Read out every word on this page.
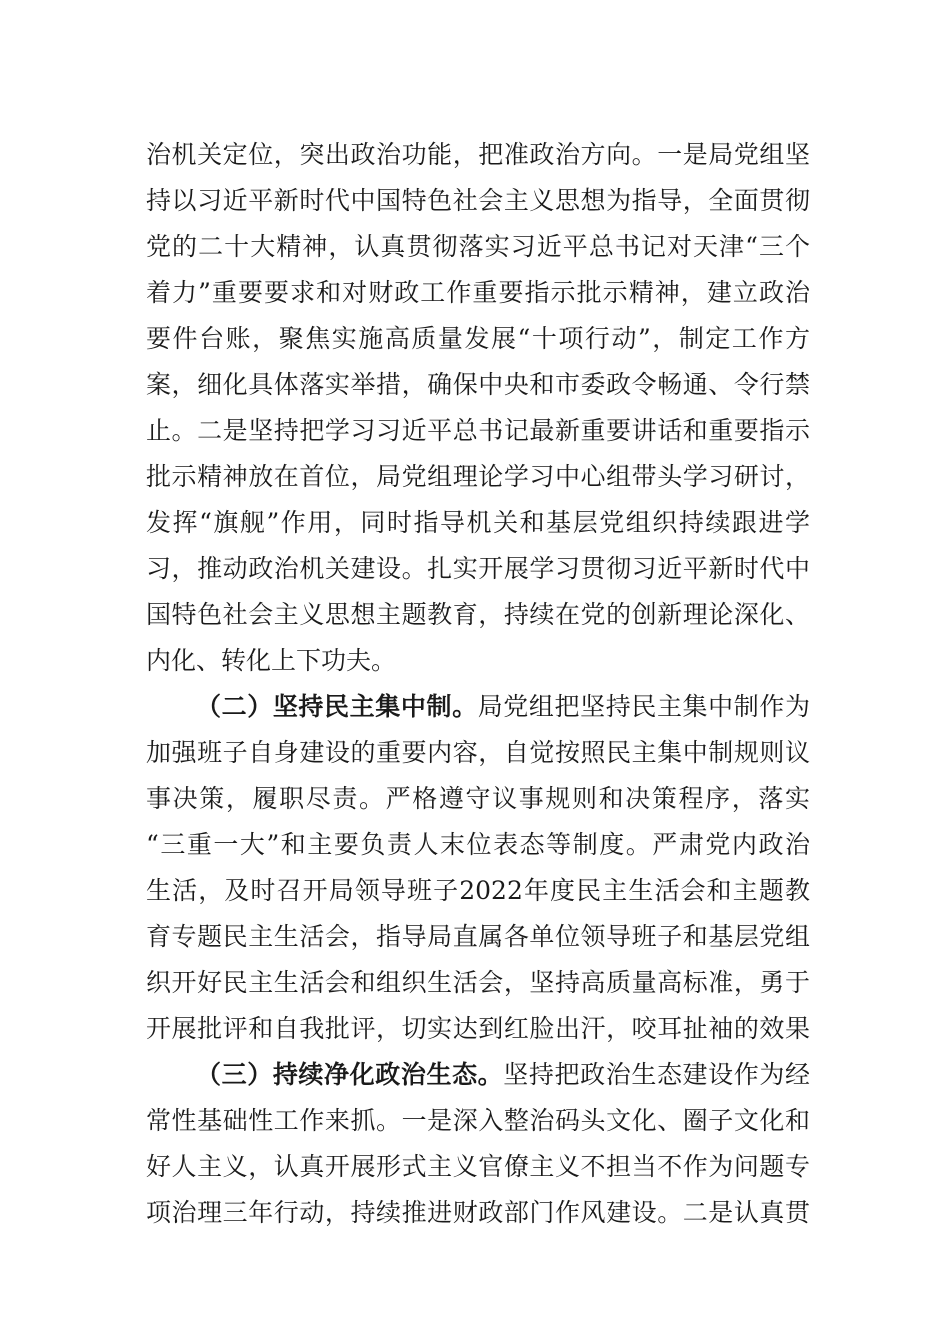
治机关定位，突出政治功能，把准政治方向。一是局党组坚
持以习近平新时代中国特色社会主义思想为指导，全面贯彻
党的二十大精神，认真贯彻落实习近平总书记对天津“三个
着力”重要要求和对财政工作重要指示批示精神，建立政治
要件台账，聚焦实施高质量发展“十项行动”，制定工作方
案，细化具体落实举措，确保中央和市委政令畅通、令行禁
止。二是坚持把学习习近平总书记最新重要讲话和重要指示
批示精神放在首位，局党组理论学习中心组带头学习研讨，
发挥“旗舰”作用，同时指导机关和基层党组织持续跟进学
习，推动政治机关建设。扎实开展学习贯彻习近平新时代中
国特色社会主义思想主题教育，持续在党的创新理论深化、
内化、转化上下功夫。
（二）坚持民主集中制。局党组把坚持民主集中制作为
加强班子自身建设的重要内容，自觉按照民主集中制规则议
事决策，履职尽责。严格遵守议事规则和决策程序，落实
“三重一大”和主要负责人末位表态等制度。严肃党内政治
生活，及时召开局领导班子2022年度民主生活会和主题教
育专题民主生活会，指导局直属各单位领导班子和基层党组
织开好民主生活会和组织生活会，坚持高质量高标准，勇于
开展批评和自我批评，切实达到红脸出汗，咬耳扯袖的效果
（三）持续净化政治生态。坚持把政治生态建设作为经
常性基础性工作来抓。一是深入整治码头文化、圈子文化和
好人主义，认真开展形式主义官僚主义不担当不作为问题专
项治理三年行动，持续推进财政部门作风建设。二是认真贯
